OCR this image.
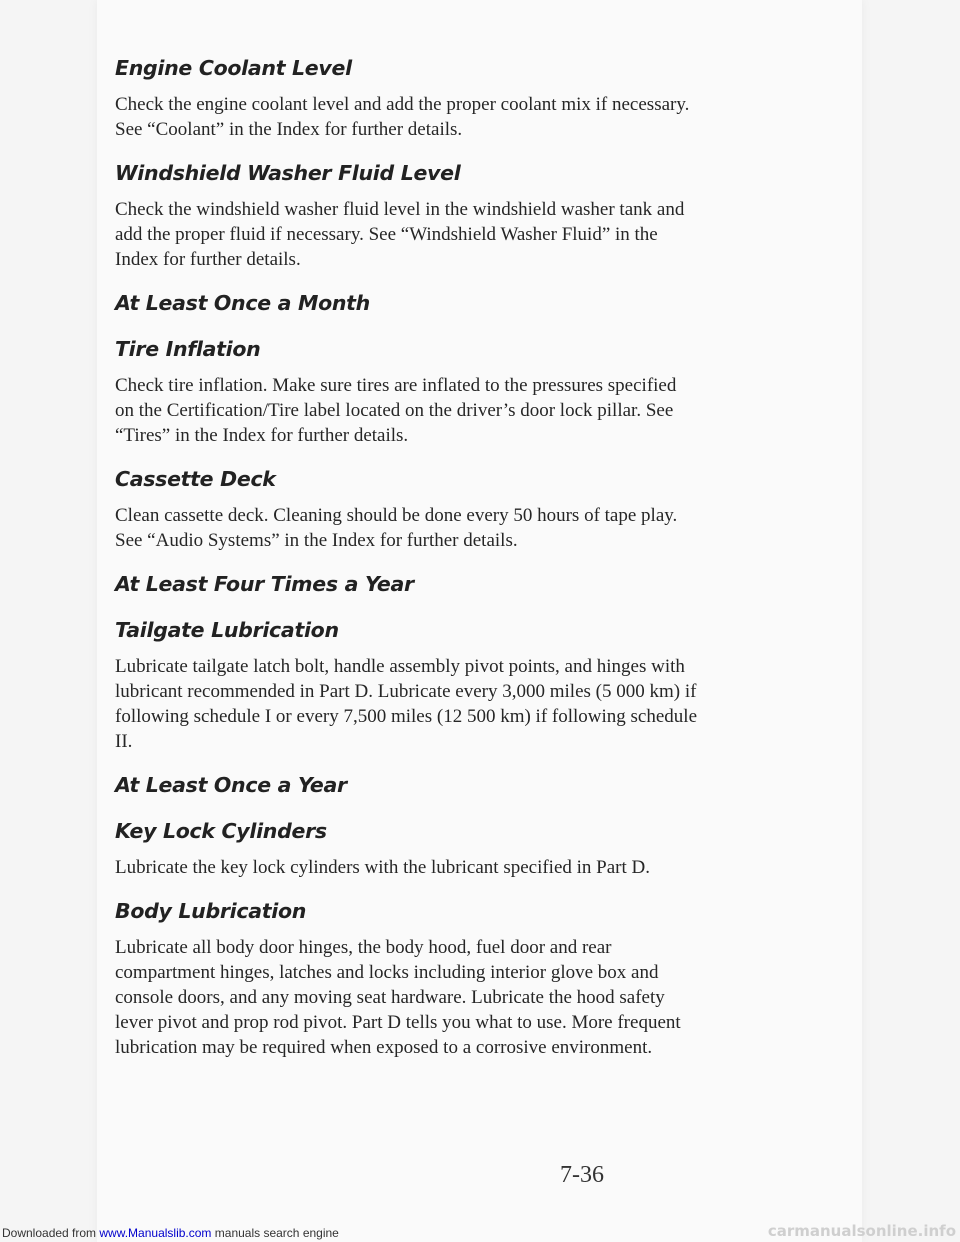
Engine Coolant Level

Check the engine coolant level and add the proper coolant mix if necessary.
See “Coolant” in the Index for further details.

Windshield Washer Fluid Level

Check the windshield washer fluid level in the windshield washer tank and
add the proper fluid if necessary. See “Windshield Washer Fluid” in the
Index for further details.

At Least Once a Month
Tire Inflation

Check tire inflation. Make sure tires are inflated to the pressures specified
on the Certification/Tire label located on the driver’s door lock pillar. See
“Tires” in the Index for further details.

Cassette Deck

Clean cassette deck. Cleaning should be done every 50 hours of tape play.
See “Audio Systems” in the Index for further details.

At Least Four Times a Year
Tailgate Lubrication

Lubricate tailgate latch bolt, handle assembly pivot points, and hinges with
lubricant recommended in Part D. Lubricate every 3,000 miles (5 000 km) if
following schedule I or every 7,500 miles (12 500 km) if following schedule
II.

At Least Once a Year
Key Lock Cylinders

Lubricate the key lock cylinders with the lubricant specified in Part D.

Body Lubrication

Lubricate all body door hinges, the body hood, fuel door and rear
compartment hinges, latches and locks including interior glove box and
console doors, and any moving seat hardware. Lubricate the hood safety
lever pivot and prop rod pivot. Part D tells you what to use. More frequent
lubrication may be required when exposed to a corrosive environment.

7-36
Downloaded from www.Manualslib.com manuals search engine	carmanualsonline.info
